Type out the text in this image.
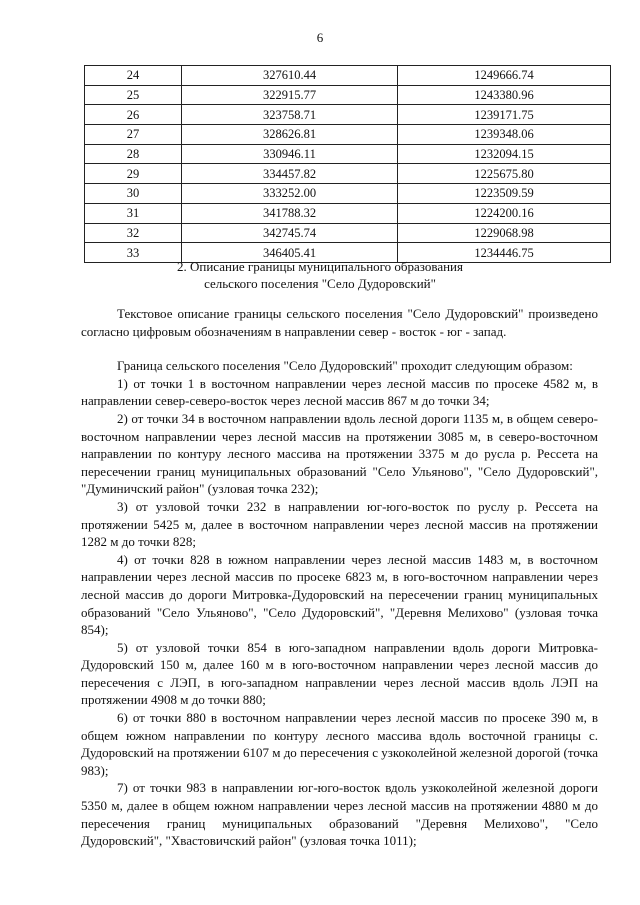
6
24	327610.44	1249666.74
25	322915.77	1243380.96
26	323758.71	1239171.75
27	328626.81	1239348.06
28	330946.11	1232094.15
29	334457.82	1225675.80
30	333252.00	1223509.59
31	341788.32	1224200.16
32	342745.74	1229068.98
33	346405.41	1234446.75
2. Описание границы муниципального образования
сельского поселения "Село Дудоровский"

Текстовое описание границы сельского поселения "Село Дудоровский" произведено согласно цифровым обозначениям в направлении север - восток - юг - запад.

Граница сельского поселения "Село Дудоровский" проходит следующим образом:

1) от точки 1 в восточном направлении через лесной массив по просеке 4582 м, в направлении север-северо-восток через лесной массив 867 м до точки 34;

2) от точки 34 в восточном направлении вдоль лесной дороги 1135 м, в общем северо-восточном направлении через лесной массив на протяжении 3085 м, в северо-восточном направлении по контуру лесного массива на протяжении 3375 м до русла р. Рессета на пересечении границ муниципальных образований "Село Ульяново", "Село Дудоровский", "Думиничский район" (узловая точка 232);

3) от узловой точки 232 в направлении юг-юго-восток по руслу р. Рессета на протяжении 5425 м, далее в восточном направлении через лесной массив на протяжении 1282 м до точки 828;

4) от точки 828 в южном направлении через лесной массив 1483 м, в восточном направлении через лесной массив по просеке 6823 м, в юго-восточном направлении через лесной массив до дороги Митровка-Дудоровский на пересечении границ муниципальных образований "Село Ульяново", "Село Дудоровский", "Деревня Мелихово" (узловая точка 854);

5) от узловой точки 854 в юго-западном направлении вдоль дороги Митровка-Дудоровский 150 м, далее 160 м в юго-восточном направлении через лесной массив до пересечения с ЛЭП, в юго-западном направлении через лесной массив вдоль ЛЭП на протяжении 4908 м до точки 880;

6) от точки 880 в восточном направлении через лесной массив по просеке 390 м, в общем южном направлении по контуру лесного массива вдоль восточной границы с. Дудоровский на протяжении 6107 м до пересечения с узкоколейной железной дорогой (точка 983);

7) от точки 983 в направлении юг-юго-восток вдоль узкоколейной железной дороги 5350 м, далее в общем южном направлении через лесной массив на протяжении 4880 м до пересечения границ муниципальных образований "Деревня Мелихово", "Село Дудоровский", "Хвастовичский район" (узловая точка 1011);
